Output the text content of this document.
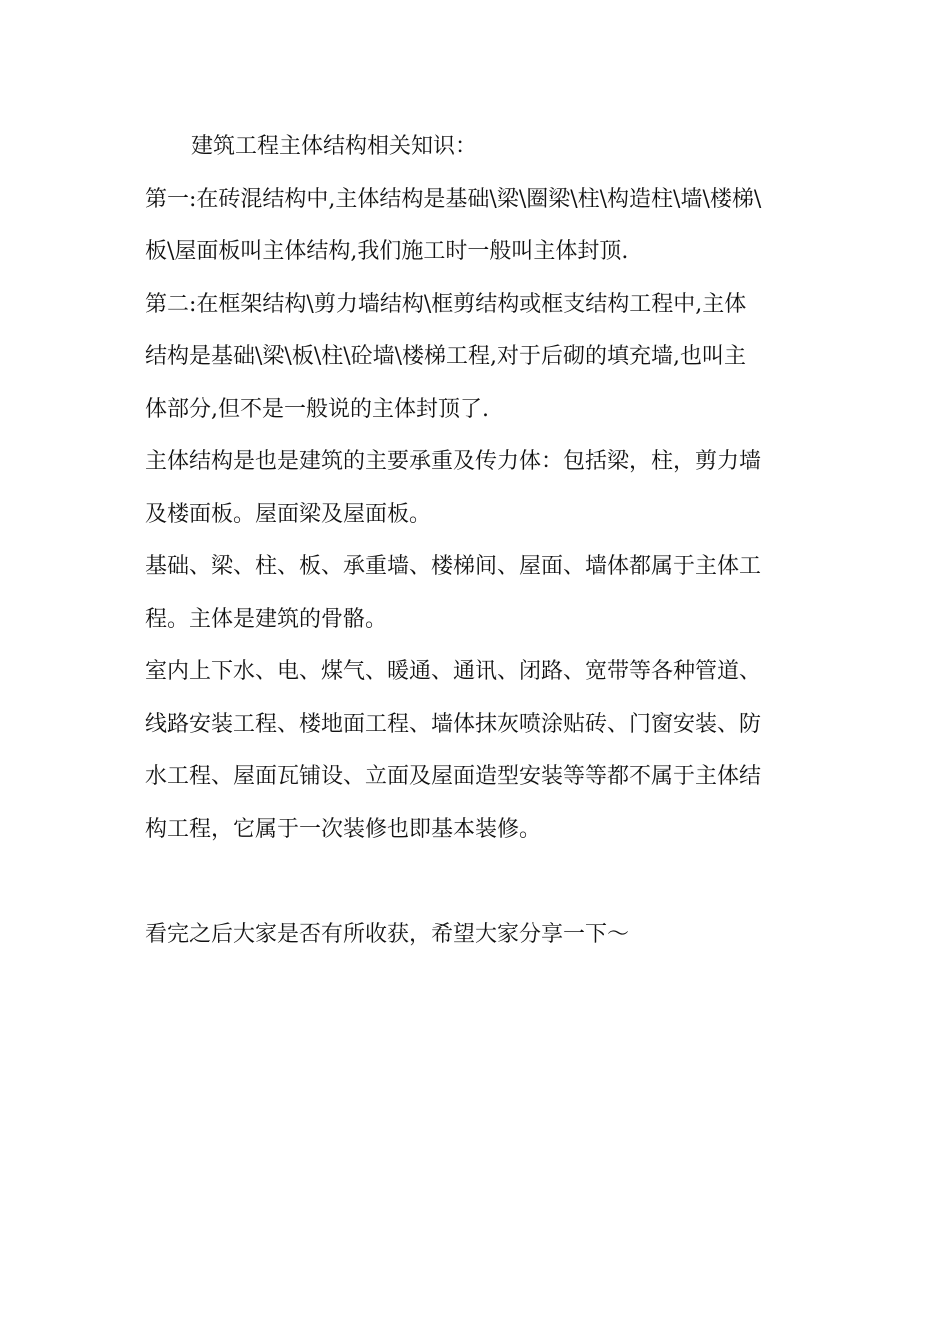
建筑工程主体结构相关知识：
第一:在砖混结构中,主体结构是基础\梁\圈梁\柱\构造柱\墙\楼梯\
板\屋面板叫主体结构,我们施工时一般叫主体封顶.
第二:在框架结构\剪力墙结构\框剪结构或框支结构工程中,主体
结构是基础\梁\板\柱\砼墙\楼梯工程,对于后砌的填充墙,也叫主
体部分,但不是一般说的主体封顶了.
主体结构是也是建筑的主要承重及传力体：包括梁，柱，剪力墙
及楼面板。屋面梁及屋面板。
基础、梁、柱、板、承重墙、楼梯间、屋面、墙体都属于主体工
程。主体是建筑的骨骼。
室内上下水、电、煤气、暖通、通讯、闭路、宽带等各种管道、
线路安装工程、楼地面工程、墙体抹灰喷涂贴砖、门窗安装、防
水工程、屋面瓦铺设、立面及屋面造型安装等等都不属于主体结
构工程，它属于一次装修也即基本装修。
看完之后大家是否有所收获，希望大家分享一下～
